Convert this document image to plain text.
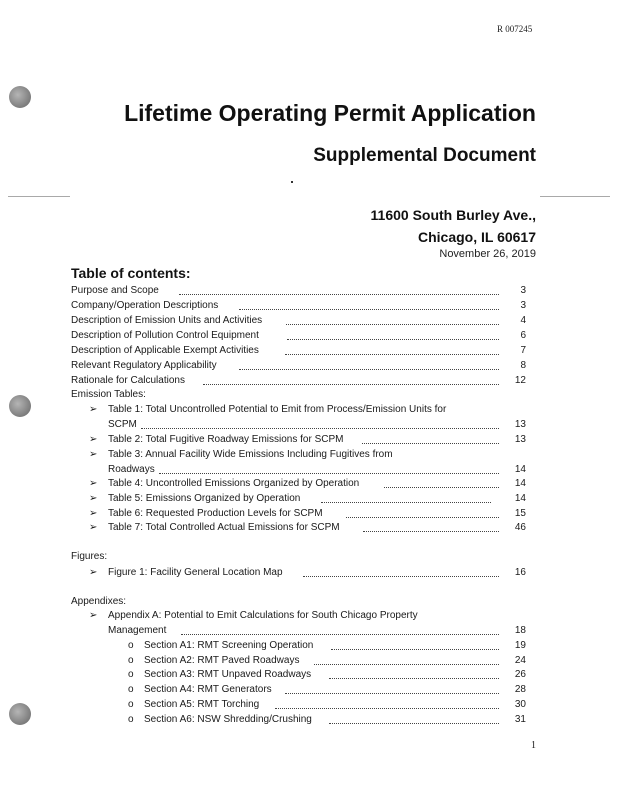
R 007245
Lifetime Operating Permit Application
Supplemental Document
11600 South Burley Ave.,
Chicago, IL 60617
November 26, 2019
Table of contents:
Purpose and Scope	3
Company/Operation Descriptions	3
Description of Emission Units and Activities	4
Description of Pollution Control Equipment	6
Description of Applicable Exempt Activities	7
Relevant Regulatory Applicability	8
Rationale for Calculations	12
Emission Tables:
➢ Table 1: Total Uncontrolled Potential to Emit from Process/Emission Units for
SCPM	13
➢ Table 2: Total Fugitive Roadway Emissions for SCPM	13
➢ Table 3: Annual Facility Wide Emissions Including Fugitives from
Roadways	14
➢ Table 4: Uncontrolled Emissions Organized by Operation	14
➢ Table 5: Emissions Organized by Operation	14
➢ Table 6: Requested Production Levels for SCPM	15
➢ Table 7: Total Controlled Actual Emissions for SCPM	46
Figures:
➢ Figure 1: Facility General Location Map	16
Appendixes:
➢ Appendix A: Potential to Emit Calculations for South Chicago Property
Management	18
o Section A1: RMT Screening Operation	19
o Section A2: RMT Paved Roadways	24
o Section A3: RMT Unpaved Roadways	26
o Section A4: RMT Generators	28
o Section A5: RMT Torching	30
o Section A6: NSW Shredding/Crushing	31
1
